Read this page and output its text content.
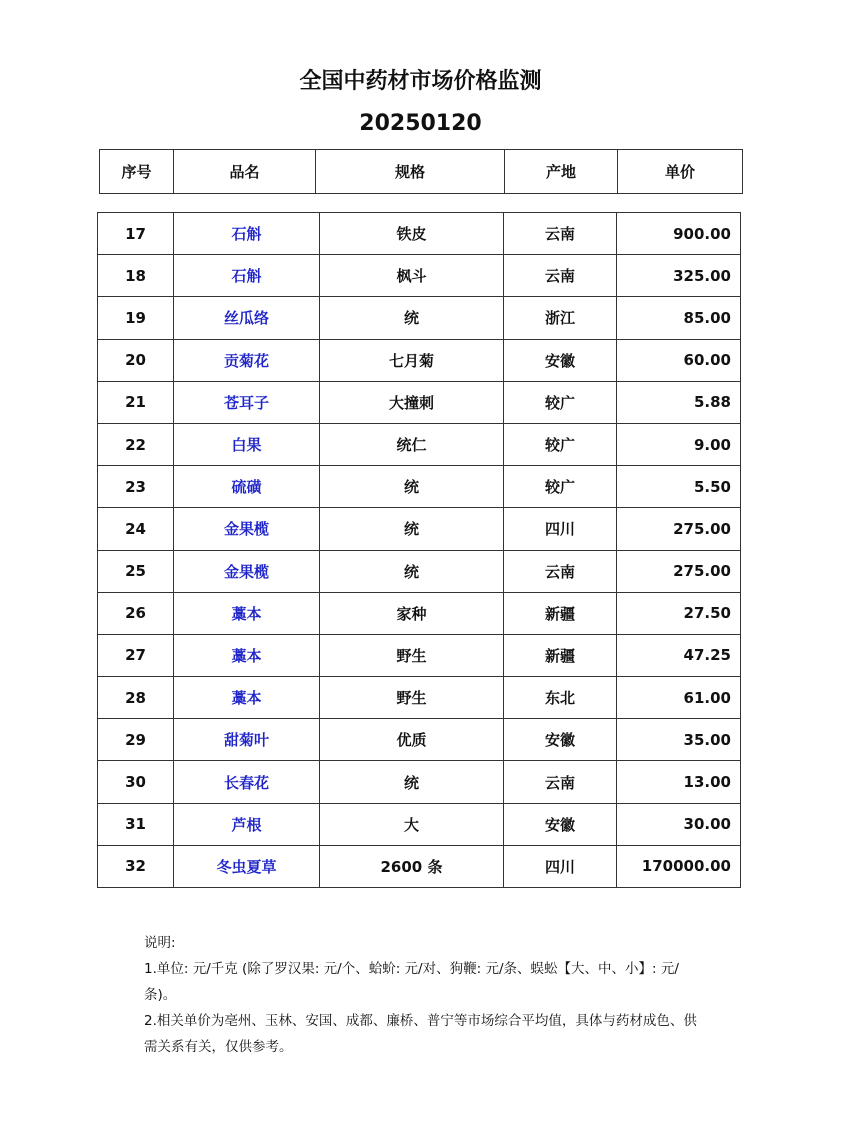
全国中药材市场价格监测
20250120
序号	品名	规格	产地	单价
17	石斛	铁皮	云南	900.00
18	石斛	枫斗	云南	325.00
19	丝瓜络	统	浙江	85.00
20	贡菊花	七月菊	安徽	60.00
21	苍耳子	大撞刺	较广	5.88
22	白果	统仁	较广	9.00
23	硫磺	统	较广	5.50
24	金果榄	统	四川	275.00
25	金果榄	统	云南	275.00
26	藁本	家种	新疆	27.50
27	藁本	野生	新疆	47.25
28	藁本	野生	东北	61.00
29	甜菊叶	优质	安徽	35.00
30	长春花	统	云南	13.00
31	芦根	大	安徽	30.00
32	冬虫夏草	2600 条	四川	170000.00

说明:

1.单位: 元/千克 (除了罗汉果: 元/个、蛤蚧: 元/对、狗鞭: 元/条、蜈蚣【大、中、小】: 元/条)。

2.相关单价为亳州、玉林、安国、成都、廉桥、普宁等市场综合平均值，具体与药材成色、供需关系有关，仅供参考。
